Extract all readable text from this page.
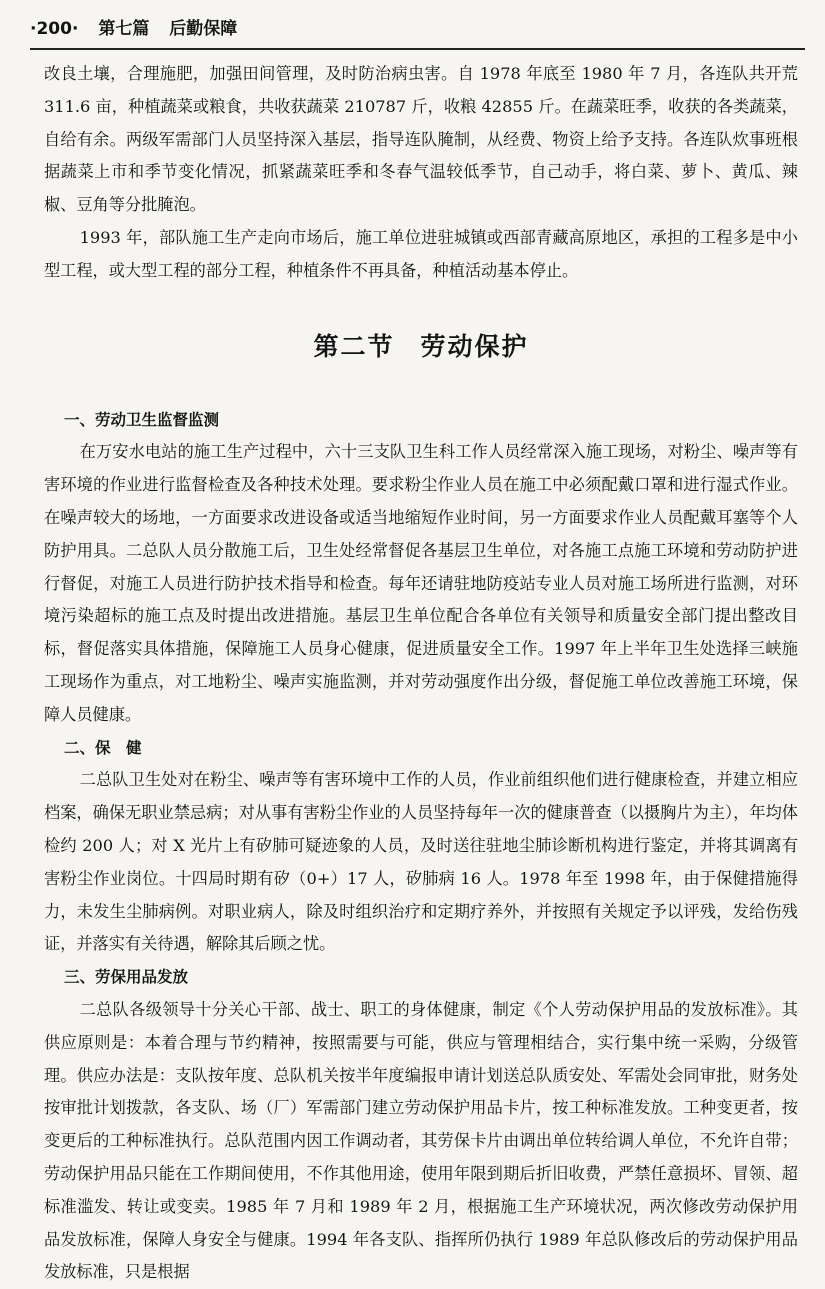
·200· 第七篇 后勤保障

改良土壤，合理施肥，加强田间管理，及时防治病虫害。自 1978 年底至 1980 年 7 月，各连队共开荒 311.6 亩，种植蔬菜或粮食，共收获蔬菜 210787 斤，收粮 42855 斤。在蔬菜旺季，收获的各类蔬菜，自给有余。两级军需部门人员坚持深入基层，指导连队腌制，从经费、物资上给予支持。各连队炊事班根据蔬菜上市和季节变化情况，抓紧蔬菜旺季和冬春气温较低季节，自己动手，将白菜、萝卜、黄瓜、辣椒、豆角等分批腌泡。

1993 年，部队施工生产走向市场后，施工单位进驻城镇或西部青藏高原地区，承担的工程多是中小型工程，或大型工程的部分工程，种植条件不再具备，种植活动基本停止。

第二节 劳动保护
一、劳动卫生监督监测

在万安水电站的施工生产过程中，六十三支队卫生科工作人员经常深入施工现场，对粉尘、噪声等有害环境的作业进行监督检查及各种技术处理。要求粉尘作业人员在施工中必须配戴口罩和进行湿式作业。在噪声较大的场地，一方面要求改进设备或适当地缩短作业时间，另一方面要求作业人员配戴耳塞等个人防护用具。二总队人员分散施工后，卫生处经常督促各基层卫生单位，对各施工点施工环境和劳动防护进行督促，对施工人员进行防护技术指导和检查。每年还请驻地防疫站专业人员对施工场所进行监测，对环境污染超标的施工点及时提出改进措施。基层卫生单位配合各单位有关领导和质量安全部门提出整改目标，督促落实具体措施，保障施工人员身心健康，促进质量安全工作。1997 年上半年卫生处选择三峡施工现场作为重点，对工地粉尘、噪声实施监测，并对劳动强度作出分级，督促施工单位改善施工环境，保障人员健康。

二、保　健

二总队卫生处对在粉尘、噪声等有害环境中工作的人员，作业前组织他们进行健康检查，并建立相应档案，确保无职业禁忌病；对从事有害粉尘作业的人员坚持每年一次的健康普查（以摄胸片为主），年均体检约 200 人；对 X 光片上有矽肺可疑迹象的人员，及时送往驻地尘肺诊断机构进行鉴定，并将其调离有害粉尘作业岗位。十四局时期有矽（0+）17 人，矽肺病 16 人。1978 年至 1998 年，由于保健措施得力，未发生尘肺病例。对职业病人，除及时组织治疗和定期疗养外，并按照有关规定予以评残，发给伤残证，并落实有关待遇，解除其后顾之忧。

三、劳保用品发放

二总队各级领导十分关心干部、战士、职工的身体健康，制定《个人劳动保护用品的发放标准》。其供应原则是：本着合理与节约精神，按照需要与可能，供应与管理相结合，实行集中统一采购，分级管理。供应办法是：支队按年度、总队机关按半年度编报申请计划送总队质安处、军需处会同审批，财务处按审批计划拨款，各支队、场（厂）军需部门建立劳动保护用品卡片，按工种标准发放。工种变更者，按变更后的工种标准执行。总队范围内因工作调动者，其劳保卡片由调出单位转给调人单位，不允许自带；劳动保护用品只能在工作期间使用，不作其他用途，使用年限到期后折旧收费，严禁任意损坏、冒领、超标准滥发、转让或变卖。1985 年 7 月和 1989 年 2 月，根据施工生产环境状况，两次修改劳动保护用品发放标准，保障人身安全与健康。1994 年各支队、指挥所仍执行 1989 年总队修改后的劳动保护用品发放标准，只是根据
